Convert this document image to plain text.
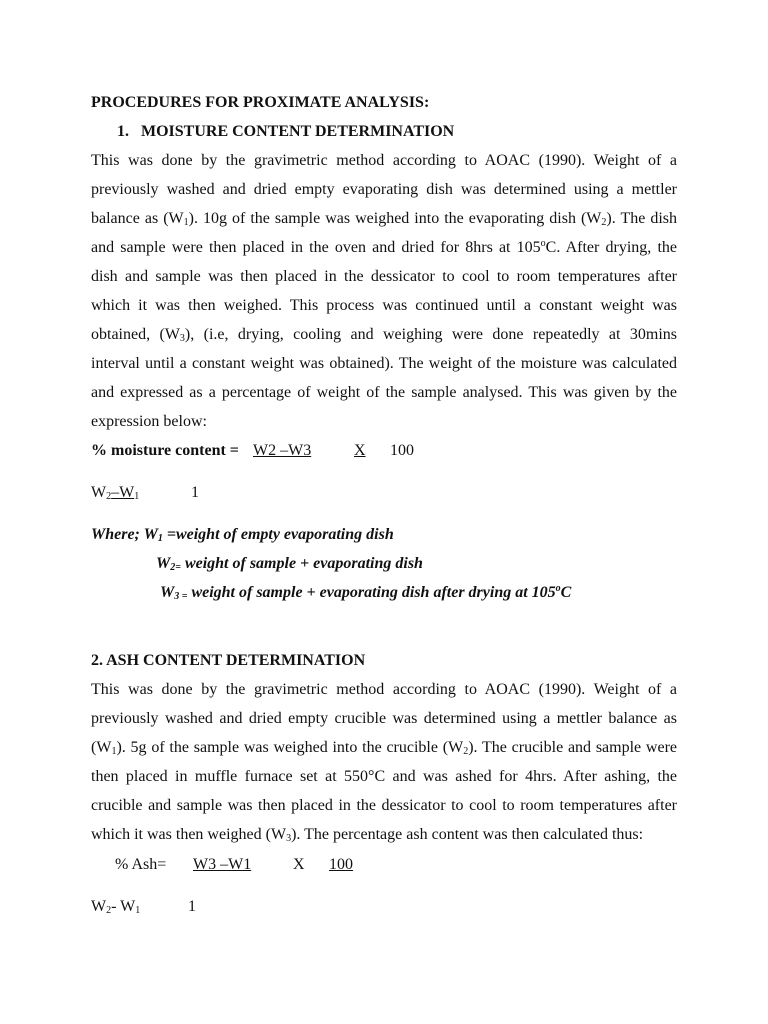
PROCEDURES FOR PROXIMATE ANALYSIS:
1. MOISTURE CONTENT DETERMINATION
This was done by the gravimetric method according to AOAC (1990). Weight of a
previously washed and dried empty evaporating dish was determined using a mettler
balance as $(W_1)$. 10g of the sample was weighed into the evaporating dish $(W_2)$. The dish
and sample were then placed in the oven and dried for 8hrs at 105$^o$C. After drying, the
dish and sample was then placed in the dessicator to cool to room temperatures after
which it was then weighed. This process was continued until a constant weight was
obtained, $(W_3)$, (i.e, drying, cooling and weighing were done repeatedly at 30mins
interval until a constant weight was obtained). The weight of the moisture was calculated
and expressed as a percentage of weight of the sample analysed. This was given by the
expression below:
% moisture content = W2 –W3	X 100
$W_2-W_1$	1
Where; $W_1$ =weight of empty evaporating dish
$W_{2=}$ weight of sample + evaporating dish
$W_{3 =}$ weight of sample + evaporating dish after drying at 105$^o$C
2. ASH CONTENT DETERMINATION
This was done by the gravimetric method according to AOAC (1990). Weight of a
previously washed and dried empty crucible was determined using a mettler balance as
$(W_1)$. 5g of the sample was weighed into the crucible $(W_2)$. The crucible and sample were
then placed in muffle furnace set at 550°C and was ashed for 4hrs. After ashing, the
crucible and sample was then placed in the dessicator to cool to room temperatures after
which it was then weighed $(W_3)$. The percentage ash content was then calculated thus:
% Ash= W3 –W1	X 100
$W_2-$ $W_1$	1
